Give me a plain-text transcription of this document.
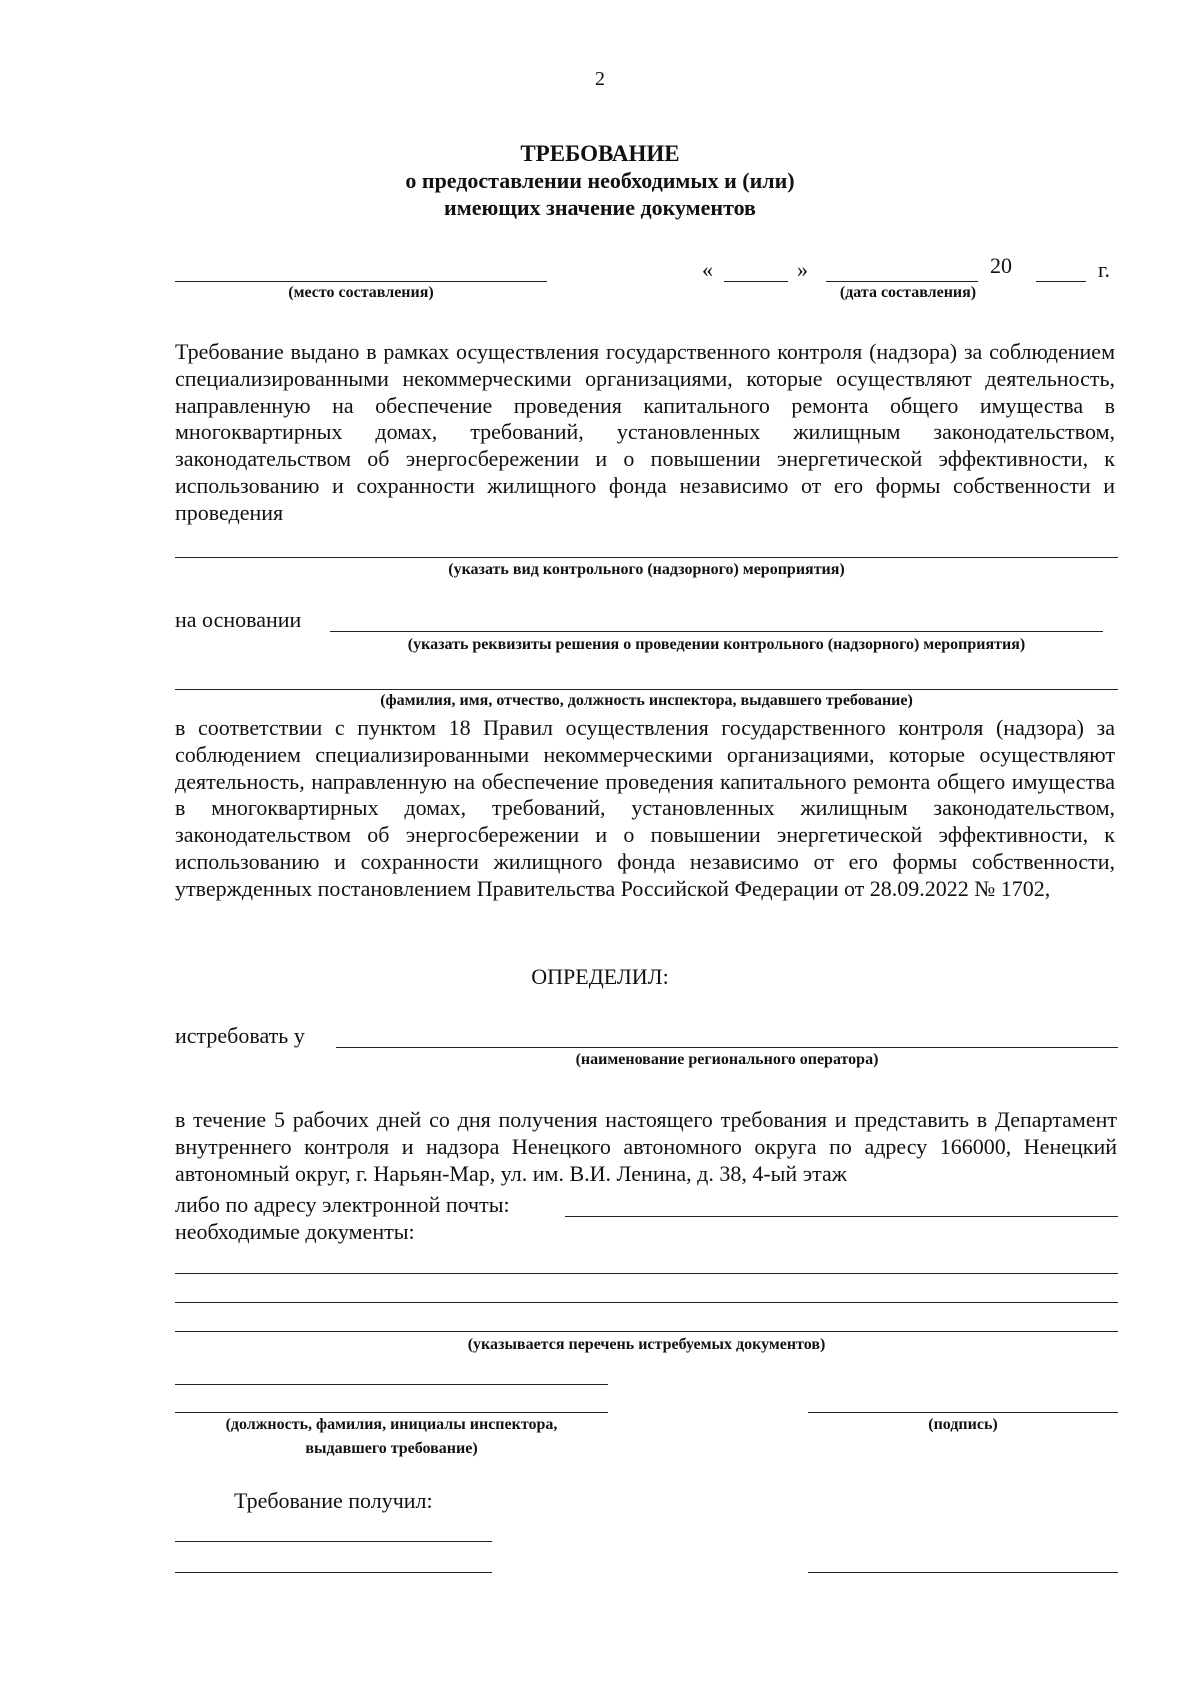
2
ТРЕБОВАНИЕ
о предоставлении необходимых и (или)
имеющих значение документов
(место составления)
«	»	20	г.
(дата составления)
Требование выдано в рамках осуществления государственного контроля (надзора) за соблюдением специализированными некоммерческими организациями, которые осуществляют деятельность, направленную на обеспечение проведения капитального ремонта общего имущества в многоквартирных домах, требований, установленных жилищным законодательством, законодательством об энергосбережении и о повышении энергетической эффективности, к использованию и сохранности жилищного фонда независимо от его формы собственности и проведения
(указать вид контрольного (надзорного) мероприятия)
на основании
(указать реквизиты решения о проведении контрольного (надзорного) мероприятия)
(фамилия, имя, отчество, должность инспектора, выдавшего требование)
в соответствии с пунктом 18 Правил осуществления государственного контроля (надзора) за соблюдением специализированными некоммерческими организациями, которые осуществляют деятельность, направленную на обеспечение проведения капитального ремонта общего имущества в многоквартирных домах, требований, установленных жилищным законодательством, законодательством об энергосбережении и о повышении энергетической эффективности, к использованию и сохранности жилищного фонда независимо от его формы собственности, утвержденных постановлением Правительства Российской Федерации от 28.09.2022 № 1702,
ОПРЕДЕЛИЛ:
истребовать у
(наименование регионального оператора)
в течение 5 рабочих дней со дня получения настоящего требования и представить в Департамент внутреннего контроля и надзора Ненецкого автономного округа по адресу 166000, Ненецкий автономный округ, г. Нарьян-Мар, ул. им. В.И. Ленина, д. 38, 4-ый этаж
либо по адресу электронной почты:
необходимые документы:
(указывается перечень истребуемых документов)
(должность, фамилия, инициалы инспектора,
выдавшего требование)
(подпись)
Требование получил:
